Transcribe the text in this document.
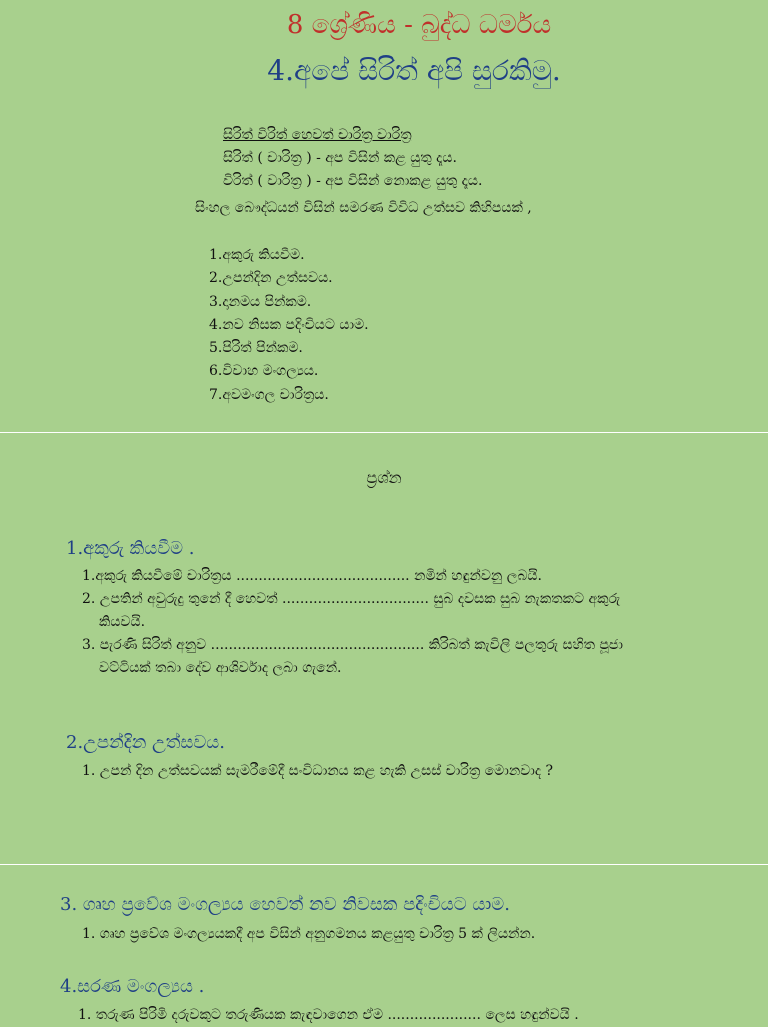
8 ශ්‍රේණිය - බුද්ධ ධර්මය
4.අපේ සිරිත් අපි සුරකිමු.
සිරිත් විරිත් හෙවත් චාරිත්‍ර වාරිත්‍ර
සිරිත් ( චාරිත්‍ර ) - අප විසින් කළ යුතු දෑය.
විරිත් ( වාරිත්‍ර ) - අප විසින් නොකළ යුතු දෑය.
සිංහල බෞද්ධයන් විසින් සමරණ විවිධ උත්සව කිහිපයක් ,
1.අකුරු කියවීම.
2.උපන්දින උත්සවය.
3.දානමය පින්කම.
4.නව නිසක පදිංචියට යාම.
5.පිරිත් පින්කම.
6.විවාහ මංගල්‍යය.
7.අවමංගල චාරිත්‍රය.
ප්‍රශ්න
1.අකුරු කියවීම .
1.අකුරු කියවීමේ චාරිත්‍රය ....................................... නමින් හඳුන්වනු ලබයි.
2. උපතින් අවුරුදු තුනේ දී හෙවත් ................................. සුබ දවසක සුබ නැකතකට අකුරු
කියවයි.
3. පැරණි සිරිත් අනුව ................................................ කිරිබත් කැවිලි පලතුරු සහිත පූජා
වට්ටියක් තබා දේව ආශිර්වාද ලබා ගැනේ.
2.උපන්දින උත්සවය.
1. උපන් දින උත්සවයක් සැමරීමේදී සංවිධානය කළ හැකි උසස් චාරිත්‍ර මොනවාද ?
3. ගෘහ ප්‍රවේශ මංගල්‍යය හෙවත් නව නිවසක පදිංචියට යාම.
1. ගෘහ ප්‍රවේශ මංගල්‍යයකදී අප විසින් අනුගමනය කළයුතු චාරිත්‍ර 5 ක් ලියන්න.
4.සරණ මංගල්‍යය .
1. තරුණ පිරිමි දරුවකුට තරුණියක කැඳවාගෙන ඒම ..................... ලෙස හඳුන්වයි .
